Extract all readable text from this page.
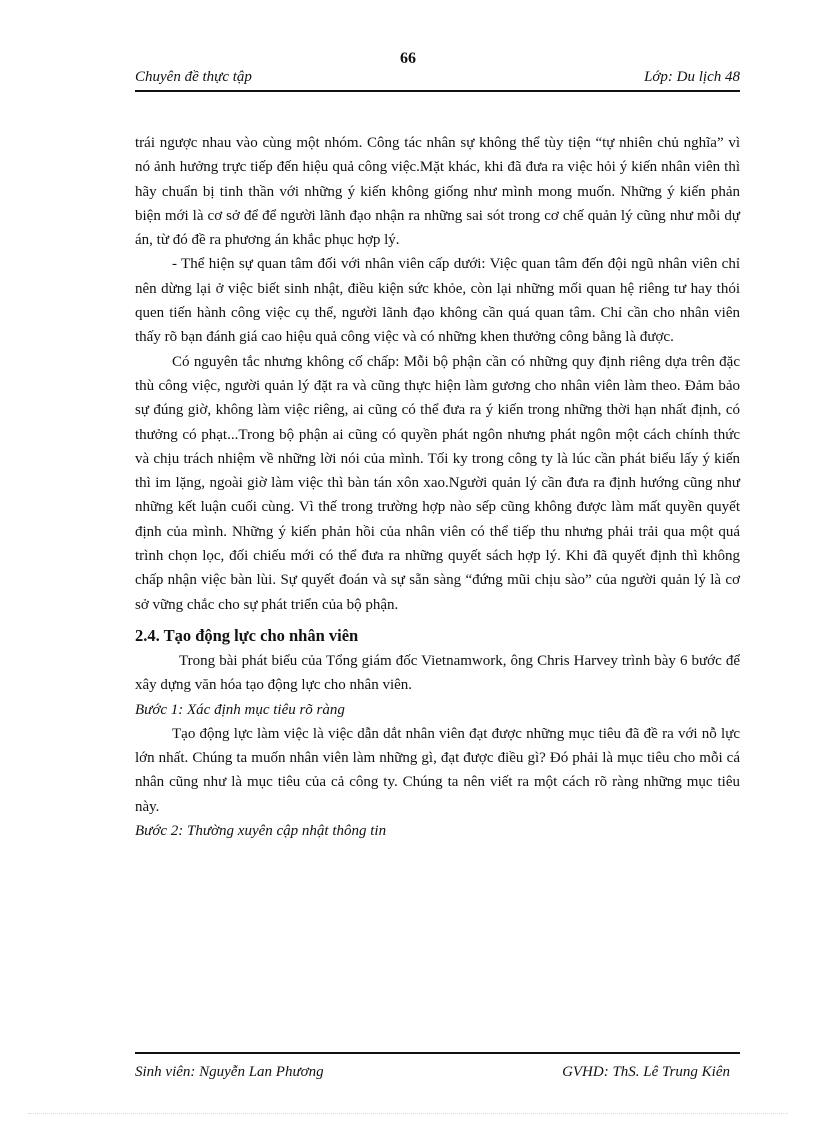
66
Chuyên đề thực tập	Lớp: Du lịch 48

trái ngược nhau vào cùng một nhóm. Công tác nhân sự không thể tùy tiện “tự nhiên chủ nghĩa” vì nó ảnh hưởng trực tiếp đến hiệu quả công việc.Mặt khác, khi đã đưa ra việc hỏi ý kiến nhân viên thì hãy chuẩn bị tinh thần với những ý kiến không giống như mình mong muốn. Những ý kiến phản biện mới là cơ sở để để người lãnh đạo nhận ra những sai sót trong cơ chế quản lý cũng như mỗi dự án, từ đó đề ra phương án khắc phục hợp lý.

- Thể hiện sự quan tâm đối với nhân viên cấp dưới: Việc quan tâm đến đội ngũ nhân viên chỉ nên dừng lại ở việc biết sinh nhật, điều kiện sức khỏe, còn lại những mối quan hệ riêng tư hay thói quen tiến hành công việc cụ thể, người lãnh đạo không cần quá quan tâm. Chỉ cần cho nhân viên thấy rõ bạn đánh giá cao hiệu quả công việc và có những khen thưởng công bằng là được.

Có nguyên tắc nhưng không cố chấp: Mỗi bộ phận cần có những quy định riêng dựa trên đặc thù công việc, người quản lý đặt ra và cũng thực hiện làm gương cho nhân viên làm theo. Đảm bảo sự đúng giờ, không làm việc riêng, ai cũng có thể đưa ra ý kiến trong những thời hạn nhất định, có thưởng có phạt...Trong bộ phận ai cũng có quyền phát ngôn nhưng phát ngôn một cách chính thức và chịu trách nhiệm về những lời nói của mình. Tối ky trong công ty là lúc cần phát biểu lấy ý kiến thì im lặng, ngoài giờ làm việc thì bàn tán xôn xao.Người quản lý cần đưa ra định hướng cũng như những kết luận cuối cùng. Vì thế trong trường hợp nào sếp cũng không được làm mất quyền quyết định của mình. Những ý kiến phản hồi của nhân viên có thể tiếp thu nhưng phải trải qua một quá trình chọn lọc, đối chiếu mới có thể đưa ra những quyết sách hợp lý. Khi đã quyết định thì không chấp nhận việc bàn lùi. Sự quyết đoán và sự sẵn sàng “đứng mũi chịu sào” của người quản lý là cơ sở vững chắc cho sự phát triển của bộ phận.

2.4. Tạo động lực cho nhân viên

Trong bài phát biểu của Tổng giám đốc Vietnamwork, ông Chris Harvey trình bày 6 bước để xây dựng văn hóa tạo động lực cho nhân viên.

Bước 1: Xác định mục tiêu rõ ràng

Tạo động lực làm việc là việc dẫn dắt nhân viên đạt được những mục tiêu đã đề ra với nỗ lực lớn nhất. Chúng ta muốn nhân viên làm những gì, đạt được điều gì? Đó phải là mục tiêu cho mỗi cá nhân cũng như là mục tiêu của cả công ty. Chúng ta nên viết ra một cách rõ ràng những mục tiêu này.

Bước 2: Thường xuyên cập nhật thông tin

Sinh viên: Nguyễn Lan Phương	GVHD: ThS. Lê Trung Kiên
